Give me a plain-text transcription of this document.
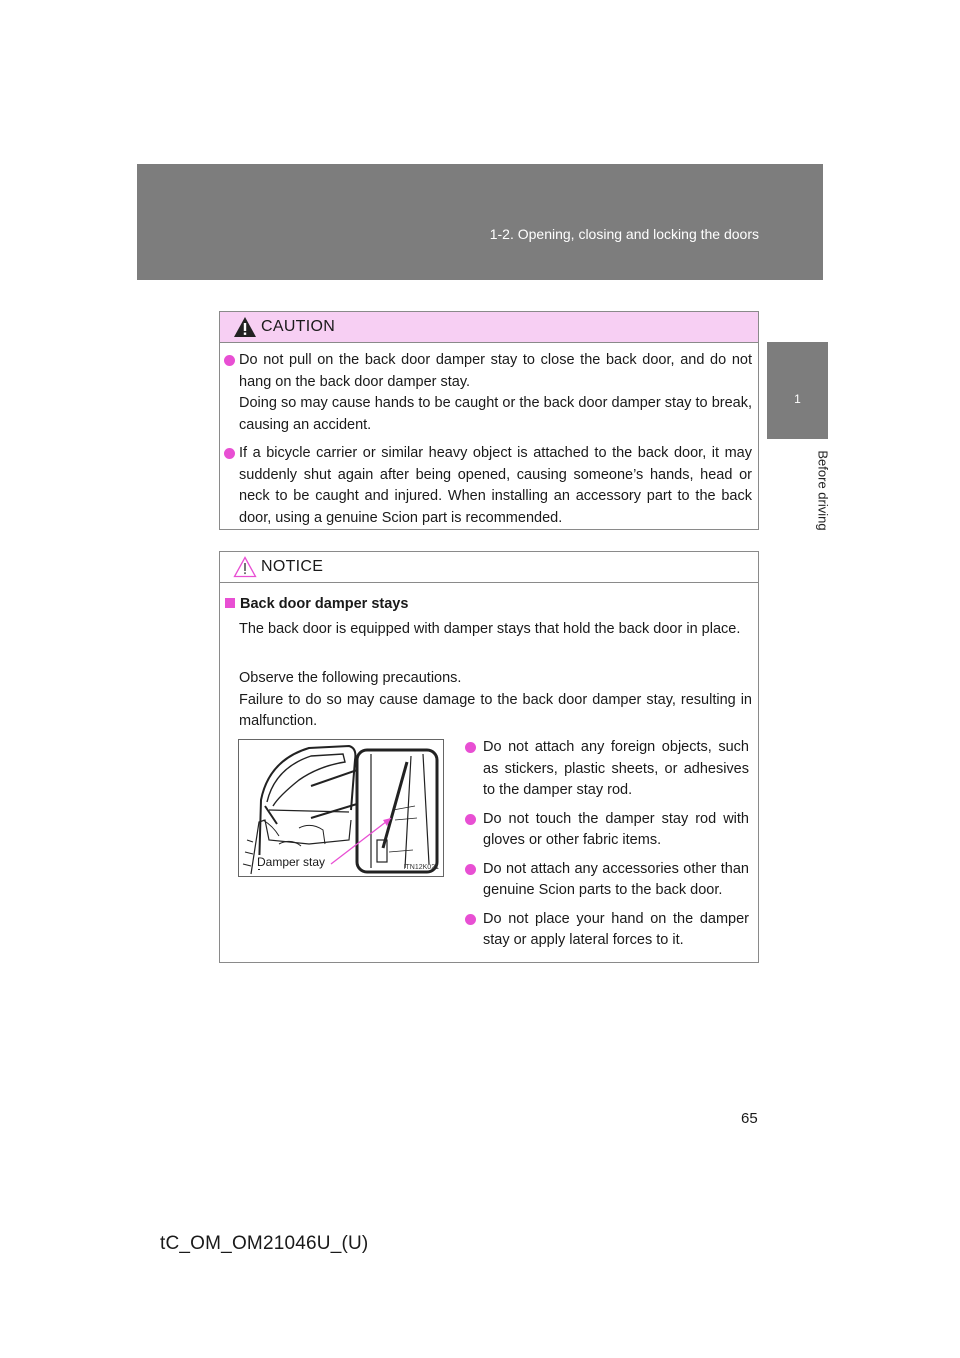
1-2. Opening, closing and locking the doors
1
Before driving
CAUTION
Do not pull on the back door damper stay to close the back door, and do not hang on the back door damper stay.
Doing so may cause hands to be caught or the back door damper stay to break, causing an accident.
If a bicycle carrier or similar heavy object is attached to the back door, it may suddenly shut again after being opened, causing someone’s hands, head or neck to be caught and injured. When installing an accessory part to the back door, using a genuine Scion part is recommended.
NOTICE
Back door damper stays
The back door is equipped with damper stays that hold the back door in place.
Observe the following precautions.
Failure to do so may cause damage to the back door damper stay, resulting in malfunction.
Damper stay	ITN12K021
Do not attach any foreign objects, such as stickers, plastic sheets, or adhesives to the damper stay rod.
Do not touch the damper stay rod with gloves or other fabric items.
Do not attach any accessories other than genuine Scion parts to the back door.
Do not place your hand on the damper stay or apply lateral forces to it.
65
tC_OM_OM21046U_(U)
